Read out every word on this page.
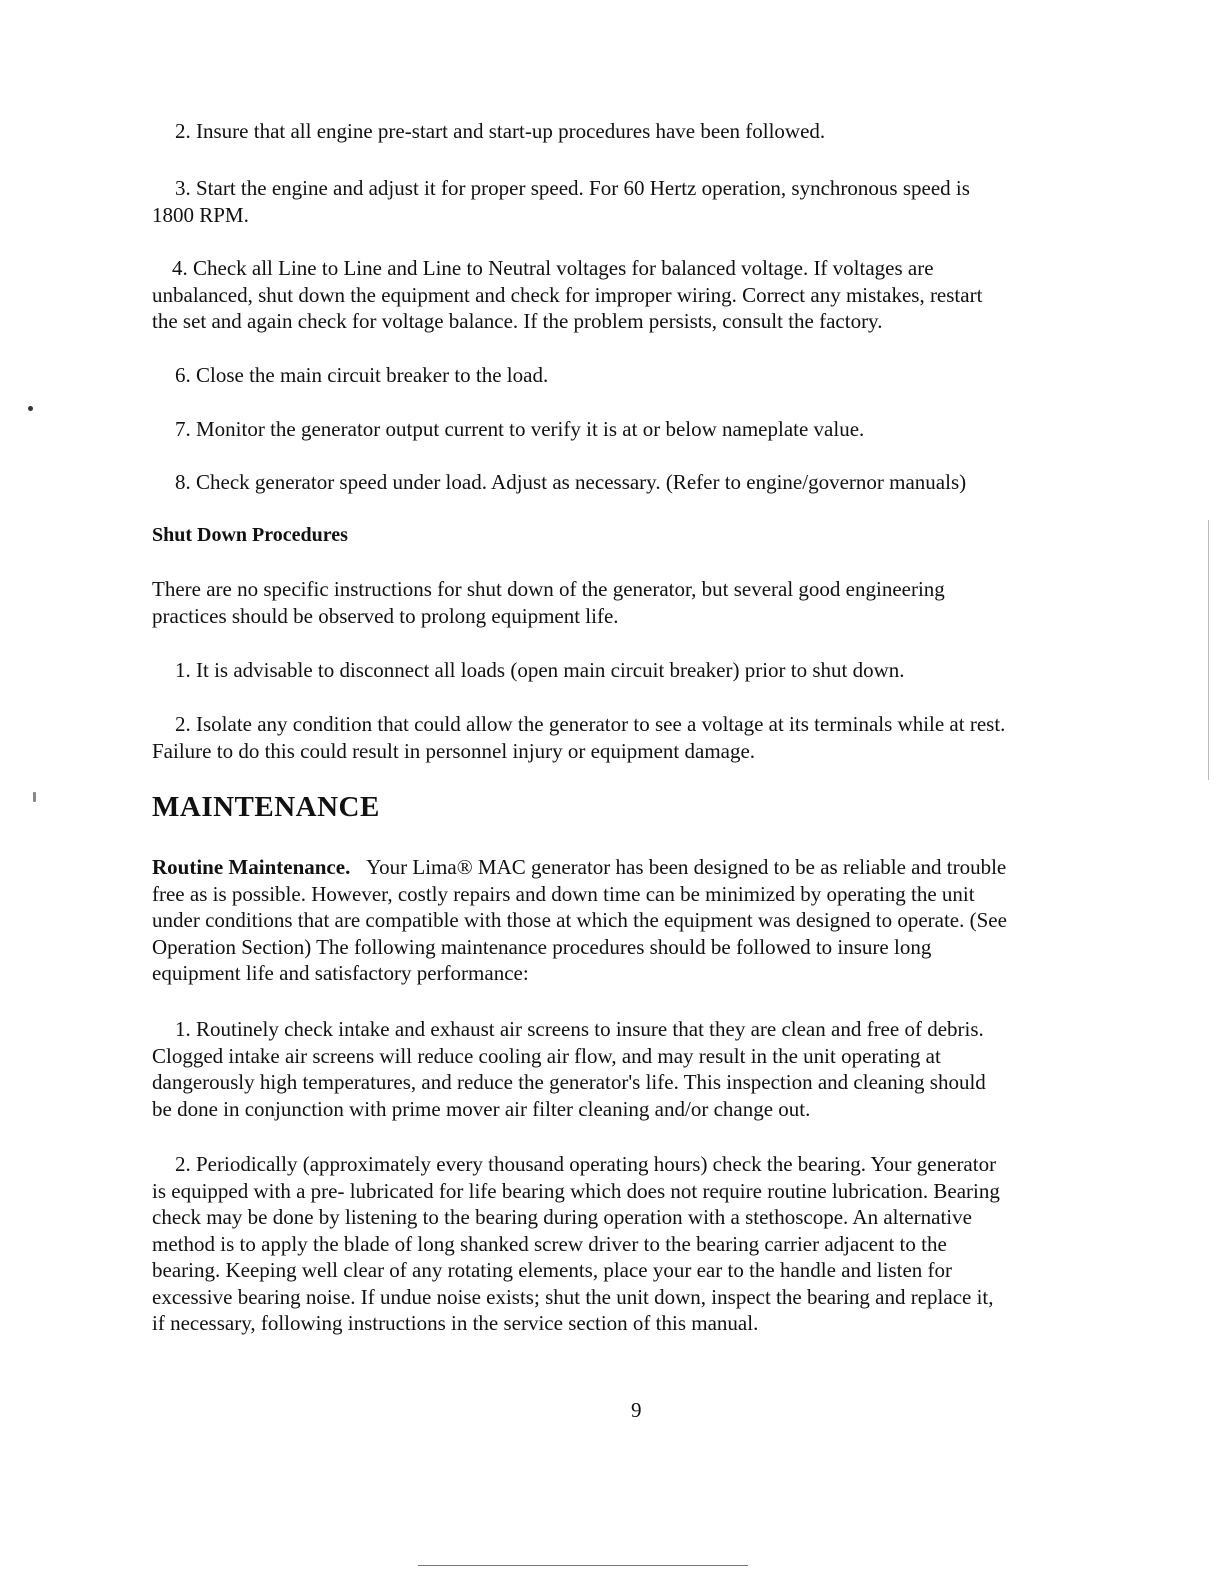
2. Insure that all engine pre-start and start-up procedures have been followed.
3. Start the engine and adjust it for proper speed. For 60 Hertz operation, synchronous speed is
1800 RPM.
4. Check all Line to Line and Line to Neutral voltages for balanced voltage. If voltages are
unbalanced, shut down the equipment and check for improper wiring. Correct any mistakes, restart
the set and again check for voltage balance. If the problem persists, consult the factory.
6. Close the main circuit breaker to the load.
7. Monitor the generator output current to verify it is at or below nameplate value.
8. Check generator speed under load. Adjust as necessary. (Refer to engine/governor manuals)
Shut Down Procedures
There are no specific instructions for shut down of the generator, but several good engineering
practices should be observed to prolong equipment life.
1. It is advisable to disconnect all loads (open main circuit breaker) prior to shut down.
2. Isolate any condition that could allow the generator to see a voltage at its terminals while at rest.
Failure to do this could result in personnel injury or equipment damage.
MAINTENANCE
Routine Maintenance. Your Lima® MAC generator has been designed to be as reliable and trouble
free as is possible. However, costly repairs and down time can be minimized by operating the unit
under conditions that are compatible with those at which the equipment was designed to operate. (See
Operation Section) The following maintenance procedures should be followed to insure long
equipment life and satisfactory performance:
1. Routinely check intake and exhaust air screens to insure that they are clean and free of debris.
Clogged intake air screens will reduce cooling air flow, and may result in the unit operating at
dangerously high temperatures, and reduce the generator's life. This inspection and cleaning should
be done in conjunction with prime mover air filter cleaning and/or change out.
2. Periodically (approximately every thousand operating hours) check the bearing. Your generator
is equipped with a pre- lubricated for life bearing which does not require routine lubrication. Bearing
check may be done by listening to the bearing during operation with a stethoscope. An alternative
method is to apply the blade of long shanked screw driver to the bearing carrier adjacent to the
bearing. Keeping well clear of any rotating elements, place your ear to the handle and listen for
excessive bearing noise. If undue noise exists; shut the unit down, inspect the bearing and replace it,
if necessary, following instructions in the service section of this manual.
9
